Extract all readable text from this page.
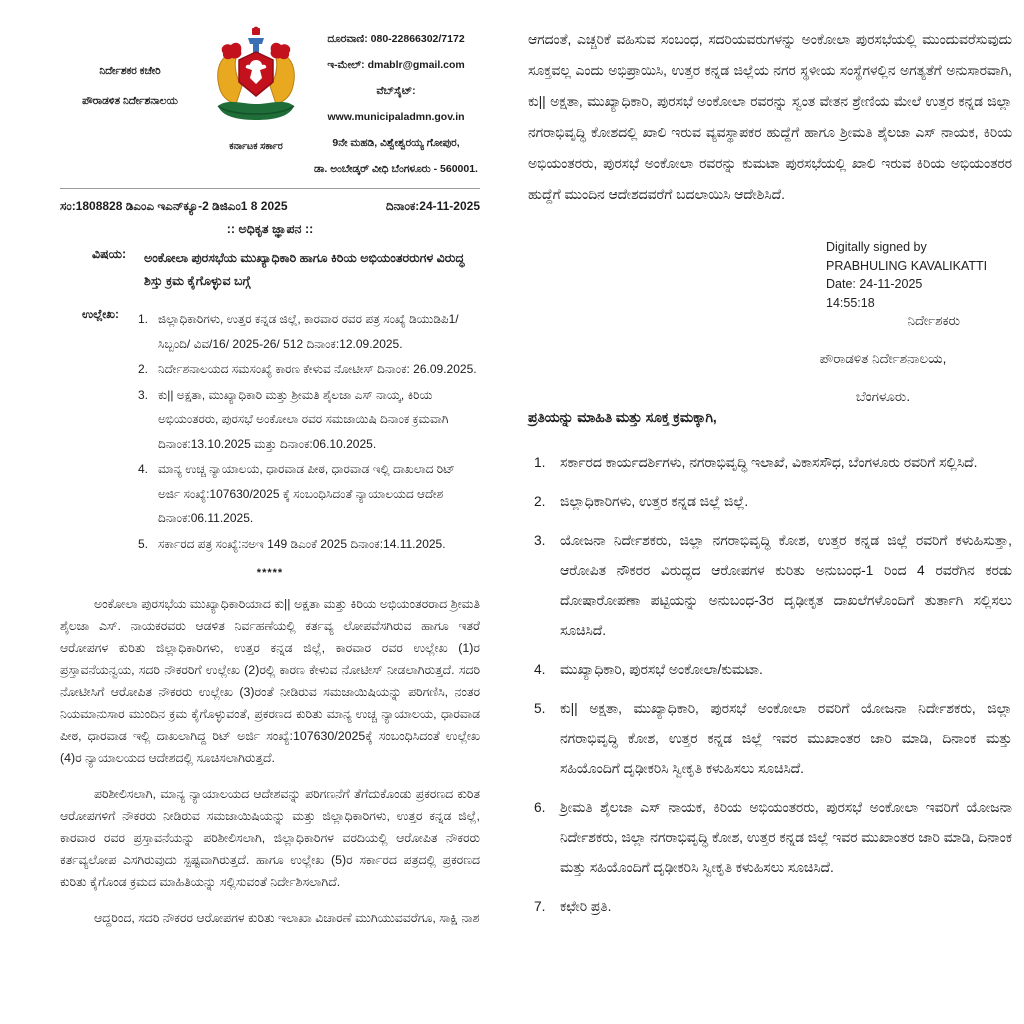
ನಿರ್ದೇಶಕರ ಕಚೇರಿ
ಪೌರಾಡಳಿತ ನಿರ್ದೇಶನಾಲಯ
ಕರ್ನಾಟಕ ಸರ್ಕಾರ
ದೂರವಾಣಿ: 080-22866302/7172
ಇ-ಮೇಲ್: dmablr@gmail.com
ವೆಬ್‌ಸೈಟ್: www.municipaladmn.gov.in
9ನೇ ಮಹಡಿ, ವಿಶ್ವೇಶ್ವರಯ್ಯ ಗೋಪುರ,
ಡಾ. ಅಂಬೇಡ್ಕರ್ ವೀಧಿ ಬೆಂಗಳೂರು - 560001.
ಸಂ:1808828 ಡಿಎಂಎ ಇಎನ್‌ಕ್ಯೂ-2 ಡಿಜಿಎಂ1 8 2025	ದಿನಾಂಕ:24-11-2025
:: ಅಧಿಕೃತ ಜ್ಞಾಪನ ::
ವಿಷಯ:	ಅಂಕೋಲಾ ಪುರಸಭೆಯ ಮುಖ್ಯಾಧಿಕಾರಿ ಹಾಗೂ ಕಿರಿಯ ಅಭಿಯಂತರರುಗಳ ವಿರುದ್ಧ ಶಿಸ್ತು ಕ್ರಮ ಕೈಗೊಳ್ಳುವ ಬಗ್ಗೆ
ಉಲ್ಲೇಖ:	1. ಜಿಲ್ಲಾಧಿಕಾರಿಗಳು, ಉತ್ತರ ಕನ್ನಡ ಜಿಲ್ಲೆ, ಕಾರವಾರ ರವರ ಪತ್ರ ಸಂಖ್ಯೆ ಡಿಯುಡಿಪಿ1/ ಸಿಬ್ಬಂದಿ/ ವಿವ/16/ 2025-26/ 512 ದಿನಾಂಕ:12.09.2025.
2. ನಿರ್ದೇಶನಾಲಯದ ಸಮಸಂಖ್ಯೆ ಕಾರಣ ಕೇಳುವ ನೋಟೀಸ್ ದಿನಾಂಕ: 26.09.2025.
3. ಕು|| ಅಕ್ಷತಾ, ಮುಖ್ಯಾಧಿಕಾರಿ ಮತ್ತು ಶ್ರೀಮತಿ ಶೈಲಜಾ ಎಸ್ ನಾಯ್ಕ, ಕಿರಿಯ ಅಭಿಯಂತರರು, ಪುರಸಭೆ ಅಂಕೋಲಾ ರವರ ಸಮಜಾಯಿಷಿ ದಿನಾಂಕ ಕ್ರಮವಾಗಿ ದಿನಾಂಕ:13.10.2025 ಮತ್ತು ದಿನಾಂಕ:06.10.2025.
4. ಮಾನ್ಯ ಉಚ್ಚ ನ್ಯಾಯಾಲಯ, ಧಾರವಾಡ ಪೀಠ, ಧಾರವಾಡ ಇಲ್ಲಿ ದಾಖಲಾದ ರಿಟ್ ಅರ್ಜಿ ಸಂಖ್ಯೆ:107630/2025 ಕ್ಕೆ ಸಂಬಂಧಿಸಿದಂತೆ ನ್ಯಾಯಾಲಯದ ಆದೇಶ ದಿನಾಂಕ:06.11.2025.
5. ಸರ್ಕಾರದ ಪತ್ರ ಸಂಖ್ಯೆ:ನಅಇ 149 ಡಿಎಂಕೆ 2025 ದಿನಾಂಕ:14.11.2025.
*****

ಅಂಕೋಲಾ ಪುರಸಭೆಯ ಮುಖ್ಯಾಧಿಕಾರಿಯಾದ ಕು|| ಅಕ್ಷತಾ ಮತ್ತು ಕಿರಿಯ ಅಭಿಯಂತರರಾದ ಶ್ರೀಮತಿ ಶೈಲಜಾ ಎಸ್. ನಾಯಕರವರು ಆಡಳಿತ ನಿರ್ವಹಣೆಯಲ್ಲಿ ಕರ್ತವ್ಯ ಲೋಪವೆಸಗಿರುವ ಹಾಗೂ ಇತರೆ ಆರೋಪಗಳ ಕುರಿತು ಜಿಲ್ಲಾಧಿಕಾರಿಗಳು, ಉತ್ತರ ಕನ್ನಡ ಜಿಲ್ಲೆ, ಕಾರವಾರ ರವರ ಉಲ್ಲೇಖ (1)ರ ಪ್ರಸ್ತಾವನೆಯನ್ವಯ, ಸದರಿ ನೌಕರರಿಗೆ ಉಲ್ಲೇಖ (2)ರಲ್ಲಿ ಕಾರಣ ಕೇಳುವ ನೋಟೀಸ್ ನೀಡಲಾಗಿರುತ್ತದೆ. ಸದರಿ ನೋಟೀಸಿಗೆ ಆರೋಪಿತ ನೌಕರರು ಉಲ್ಲೇಖ (3)ರಂತೆ ನೀಡಿರುವ ಸಮಜಾಯಿಷಿಯನ್ನು ಪರಿಗಣಿಸಿ, ನಂತರ ನಿಯಮಾನುಸಾರ ಮುಂದಿನ ಕ್ರಮ ಕೈಗೊಳ್ಳುವಂತೆ, ಪ್ರಕರಣದ ಕುರಿತು ಮಾನ್ಯ ಉಚ್ಚ ನ್ಯಾಯಾಲಯ, ಧಾರವಾಡ ಪೀಠ, ಧಾರವಾಡ ಇಲ್ಲಿ ದಾಖಲಾಗಿದ್ದ ರಿಟ್ ಅರ್ಜಿ ಸಂಖ್ಯೆ:107630/2025ಕ್ಕೆ ಸಂಬಂಧಿಸಿದಂತೆ ಉಲ್ಲೇಖ (4)ರ ನ್ಯಾಯಾಲಯದ ಆದೇಶದಲ್ಲಿ ಸೂಚಿಸಲಾಗಿರುತ್ತದೆ.

ಪರಿಶೀಲಿಸಲಾಗಿ, ಮಾನ್ಯ ನ್ಯಾಯಾಲಯದ ಆದೇಶವನ್ನು ಪರಿಗಣನೆಗೆ ತೆಗೆದುಕೊಂಡು ಪ್ರಕರಣದ ಕುರಿತ ಆರೋಪಗಳಿಗೆ ನೌಕರರು ನೀಡಿರುವ ಸಮಜಾಯಿಷಿಯನ್ನು ಮತ್ತು ಜಿಲ್ಲಾಧಿಕಾರಿಗಳು, ಉತ್ತರ ಕನ್ನಡ ಜಿಲ್ಲೆ, ಕಾರವಾರ ರವರ ಪ್ರಸ್ತಾವನೆಯನ್ನು ಪರಿಶೀಲಿಸಲಾಗಿ, ಜಿಲ್ಲಾಧಿಕಾರಿಗಳ ವರದಿಯಲ್ಲಿ ಆರೋಪಿತ ನೌಕರರು ಕರ್ತವ್ಯಲೋಪ ಎಸಗಿರುವುದು ಸ್ಪಷ್ಟವಾಗಿರುತ್ತದೆ. ಹಾಗೂ ಉಲ್ಲೇಖ (5)ರ ಸರ್ಕಾರದ ಪತ್ರದಲ್ಲಿ ಪ್ರಕರಣದ ಕುರಿತು ಕೈಗೊಂಡ ಕ್ರಮದ ಮಾಹಿತಿಯನ್ನು ಸಲ್ಲಿಸುವಂತೆ ನಿರ್ದೇಶಿಸಲಾಗಿದೆ.

ಆದ್ದರಿಂದ, ಸದರಿ ನೌಕರರ ಆರೋಪಗಳ ಕುರಿತು ಇಲಾಖಾ ವಿಚಾರಣೆ ಮುಗಿಯುವವರೆಗೂ, ಸಾಕ್ಷಿ ನಾಶ

ಆಗದಂತೆ, ಎಚ್ಚರಿಕೆ ವಹಿಸುವ ಸಂಬಂಧ, ಸದರಿಯವರುಗಳನ್ನು ಅಂಕೋಲಾ ಪುರಸಭೆಯಲ್ಲಿ ಮುಂದುವರೆಸುವುದು ಸೂಕ್ತವಲ್ಲ ಎಂದು ಅಭಿಪ್ರಾಯಿಸಿ, ಉತ್ತರ ಕನ್ನಡ ಜಿಲ್ಲೆಯ ನಗರ ಸ್ಥಳೀಯ ಸಂಸ್ಥೆಗಳಲ್ಲಿನ ಅಗತ್ಯತೆಗೆ ಅನುಸಾರವಾಗಿ, ಕು|| ಅಕ್ಷತಾ, ಮುಖ್ಯಾಧಿಕಾರಿ, ಪುರಸಭೆ ಅಂಕೋಲಾ ರವರನ್ನು ಸ್ವಂತ ವೇತನ ಶ್ರೇಣಿಯ ಮೇಲೆ ಉತ್ತರ ಕನ್ನಡ ಜಿಲ್ಲಾ ನಗರಾಭಿವೃದ್ಧಿ ಕೋಶದಲ್ಲಿ ಖಾಲಿ ಇರುವ ವ್ಯವಸ್ಥಾಪಕರ ಹುದ್ದೆಗೆ ಹಾಗೂ ಶ್ರೀಮತಿ ಶೈಲಜಾ ಎಸ್ ನಾಯಕ, ಕಿರಿಯ ಅಭಿಯಂತರರು, ಪುರಸಭೆ ಅಂಕೋಲಾ ರವರನ್ನು ಕುಮಟಾ ಪುರಸಭೆಯಲ್ಲಿ ಖಾಲಿ ಇರುವ ಕಿರಿಯ ಅಭಿಯಂತರರ ಹುದ್ದೆಗೆ ಮುಂದಿನ ಆದೇಶದವರೆಗೆ ಬದಲಾಯಿಸಿ ಆದೇಶಿಸಿದೆ.

Digitally signed by
PRABHULING KAVALIKATTI
Date: 24-11-2025
14:55:18
ನಿರ್ದೇಶಕರು
ಪೌರಾಡಳಿತ ನಿರ್ದೇಶನಾಲಯ,
ಬೆಂಗಳೂರು.
ಪ್ರತಿಯನ್ನು ಮಾಹಿತಿ ಮತ್ತು ಸೂಕ್ತ ಕ್ರಮಕ್ಕಾಗಿ,
1.	ಸರ್ಕಾರದ ಕಾರ್ಯದರ್ಶಿಗಳು, ನಗರಾಭಿವೃದ್ಧಿ ಇಲಾಖೆ, ವಿಕಾಸಸೌಧ, ಬೆಂಗಳೂರು ರವರಿಗೆ ಸಲ್ಲಿಸಿದೆ.
2.	ಜಿಲ್ಲಾಧಿಕಾರಿಗಳು, ಉತ್ತರ ಕನ್ನಡ ಜಿಲ್ಲೆ ಜಿಲ್ಲೆ.
3.	ಯೋಜನಾ ನಿರ್ದೇಶಕರು, ಜಿಲ್ಲಾ ನಗರಾಭಿವೃದ್ಧಿ ಕೋಶ, ಉತ್ತರ ಕನ್ನಡ ಜಿಲ್ಲೆ ರವರಿಗೆ ಕಳುಹಿಸುತ್ತಾ, ಆರೋಪಿತ ನೌಕರರ ವಿರುದ್ಧದ ಆರೋಪಗಳ ಕುರಿತು ಅನುಬಂಧ-1 ರಿಂದ 4 ರವರೆಗಿನ ಕರಡು ದೋಷಾರೋಪಣಾ ಪಟ್ಟಿಯನ್ನು ಅನುಬಂಧ-3ರ ದೃಢೀಕೃತ ದಾಖಲೆಗಳೊಂದಿಗೆ ತುರ್ತಾಗಿ ಸಲ್ಲಿಸಲು ಸೂಚಿಸಿದೆ.
4.	ಮುಖ್ಯಾಧಿಕಾರಿ, ಪುರಸಭೆ ಅಂಕೋಲಾ/ಕುಮಟಾ.
5.	ಕು|| ಅಕ್ಷತಾ, ಮುಖ್ಯಾಧಿಕಾರಿ, ಪುರಸಭೆ ಅಂಕೋಲಾ ರವರಿಗೆ ಯೋಜನಾ ನಿರ್ದೇಶಕರು, ಜಿಲ್ಲಾ ನಗರಾಭಿವೃದ್ಧಿ ಕೋಶ, ಉತ್ತರ ಕನ್ನಡ ಜಿಲ್ಲೆ ಇವರ ಮುಖಾಂತರ ಜಾರಿ ಮಾಡಿ, ದಿನಾಂಕ ಮತ್ತು ಸಹಿಯೊಂದಿಗೆ ದೃಢೀಕರಿಸಿ ಸ್ವೀಕೃತಿ ಕಳುಹಿಸಲು ಸೂಚಿಸಿದೆ.
6.	ಶ್ರೀಮತಿ ಶೈಲಜಾ ಎಸ್ ನಾಯಕ, ಕಿರಿಯ ಅಭಿಯಂತರರು, ಪುರಸಭೆ ಅಂಕೋಲಾ ಇವರಿಗೆ ಯೋಜನಾ ನಿರ್ದೇಶಕರು, ಜಿಲ್ಲಾ ನಗರಾಭಿವೃದ್ಧಿ ಕೋಶ, ಉತ್ತರ ಕನ್ನಡ ಜಿಲ್ಲೆ ಇವರ ಮುಖಾಂತರ ಜಾರಿ ಮಾಡಿ, ದಿನಾಂಕ ಮತ್ತು ಸಹಿಯೊಂದಿಗೆ ದೃಢೀಕರಿಸಿ ಸ್ವೀಕೃತಿ ಕಳುಹಿಸಲು ಸೂಚಿಸಿದೆ.
7.	ಕಛೇರಿ ಪ್ರತಿ.
